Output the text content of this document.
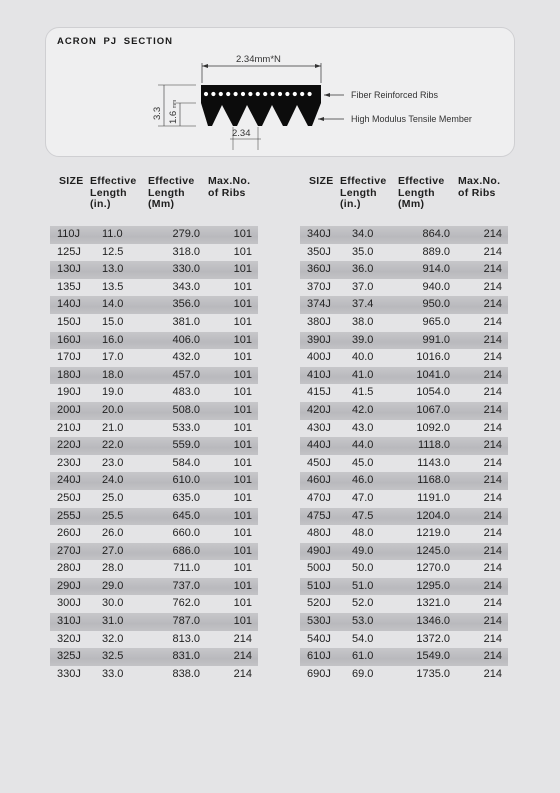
ACRON PJ SECTION
2.34mm*N
3.3 1.6 mm
2.34
Fiber Reinforced Ribs
High Modulus Tensile Member
SIZE Effective
Length
(in.)
Effective
Length
(Mm)
Max.No.
of Ribs
110J 11.0	279.0	101
125J 12.5	318.0	101
130J 13.0	330.0	101
135J 13.5	343.0	101
140J 14.0	356.0	101
150J 15.0	381.0	101
160J 16.0	406.0	101
170J 17.0	432.0	101
180J 18.0	457.0	101
190J 19.0	483.0	101
200J 20.0	508.0	101
210J 21.0	533.0	101
220J 22.0	559.0	101
230J 23.0	584.0	101
240J 24.0	610.0	101
250J 25.0	635.0	101
255J 25.5	645.0	101
260J 26.0	660.0	101
270J 27.0	686.0	101
280J 28.0	711.0	101
290J 29.0	737.0	101
300J 30.0	762.0	101
310J 31.0	787.0	101
320J 32.0	813.0	214
325J 32.5	831.0	214
330J 33.0	838.0	214
SIZE Effective
Length
(in.)
Effective
Length
(Mm)
Max.No.
of Ribs
340J 34.0	864.0	214
350J 35.0	889.0	214
360J 36.0	914.0	214
370J 37.0	940.0	214
374J 37.4	950.0	214
380J 38.0	965.0	214
390J 39.0	991.0	214
400J 40.0	1016.0	214
410J 41.0	1041.0	214
415J 41.5	1054.0	214
420J 42.0	1067.0	214
430J 43.0	1092.0	214
440J 44.0	1118.0	214
450J 45.0	1143.0	214
460J 46.0	1168.0	214
470J 47.0	1191.0	214
475J 47.5	1204.0	214
480J 48.0	1219.0	214
490J 49.0	1245.0	214
500J 50.0	1270.0	214
510J 51.0	1295.0	214
520J 52.0	1321.0	214
530J 53.0	1346.0	214
540J 54.0	1372.0	214
610J 61.0	1549.0	214
690J 69.0	1735.0	214
